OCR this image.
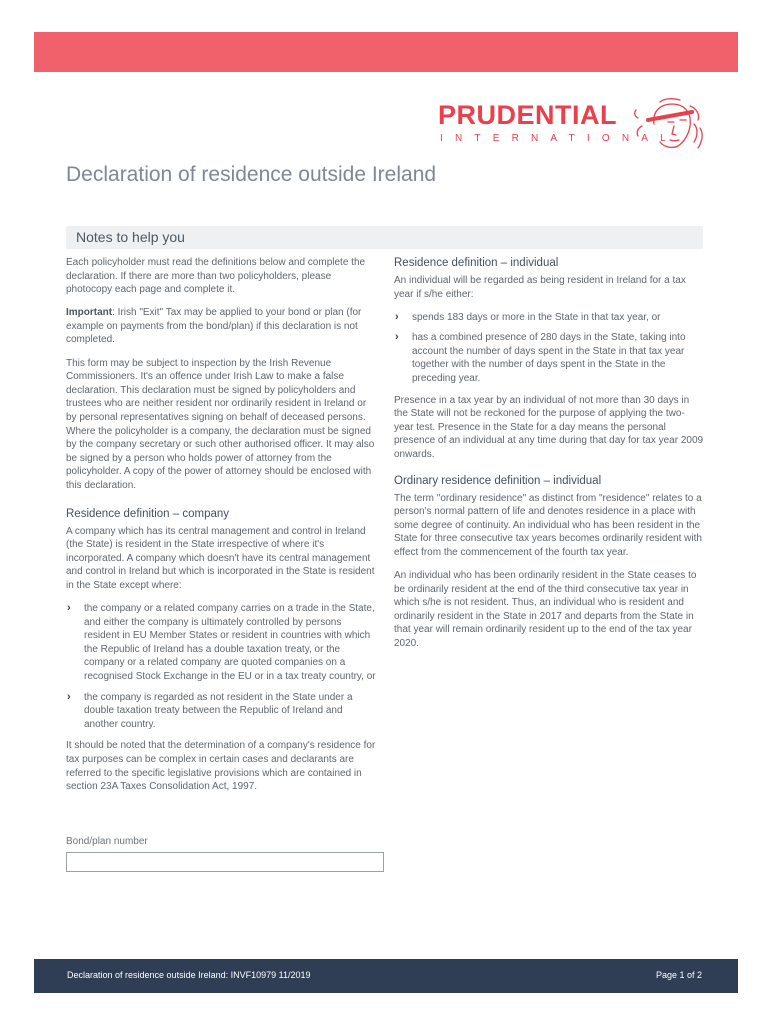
PRUDENTIAL
INTERNATIONAL
Declaration of residence outside Ireland
Notes to help you

Each policyholder must read the definitions below and complete the declaration. If there are more than two policyholders, please photocopy each page and complete it.

Important: Irish "Exit" Tax may be applied to your bond or plan (for example on payments from the bond/plan) if this declaration is not completed.

This form may be subject to inspection by the Irish Revenue Commissioners. It's an offence under Irish Law to make a false declaration. This declaration must be signed by policyholders and trustees who are neither resident nor ordinarily resident in Ireland or by personal representatives signing on behalf of deceased persons. Where the policyholder is a company, the declaration must be signed by the company secretary or such other authorised officer. It may also be signed by a person who holds power of attorney from the policyholder. A copy of the power of attorney should be enclosed with this declaration.

Residence definition – company

A company which has its central management and control in Ireland (the State) is resident in the State irrespective of where it's incorporated. A company which doesn't have its central management and control in Ireland but which is incorporated in the State is resident in the State except where:

› the company or a related company carries on a trade in the State, and either the company is ultimately controlled by persons resident in EU Member States or resident in countries with which the Republic of Ireland has a double taxation treaty, or the company or a related company are quoted companies on a recognised Stock Exchange in the EU or in a tax treaty country, or
› the company is regarded as not resident in the State under a double taxation treaty between the Republic of Ireland and another country.

It should be noted that the determination of a company's residence for tax purposes can be complex in certain cases and declarants are referred to the specific legislative provisions which are contained in section 23A Taxes Consolidation Act, 1997.

Residence definition – individual

An individual will be regarded as being resident in Ireland for a tax year if s/he either:

› spends 183 days or more in the State in that tax year, or
› has a combined presence of 280 days in the State, taking into account the number of days spent in the State in that tax year together with the number of days spent in the State in the preceding year.

Presence in a tax year by an individual of not more than 30 days in the State will not be reckoned for the purpose of applying the two-year test. Presence in the State for a day means the personal presence of an individual at any time during that day for tax year 2009 onwards.

Ordinary residence definition – individual

The term "ordinary residence" as distinct from "residence" relates to a person's normal pattern of life and denotes residence in a place with some degree of continuity. An individual who has been resident in the State for three consecutive tax years becomes ordinarily resident with effect from the commencement of the fourth tax year.

An individual who has been ordinarily resident in the State ceases to be ordinarily resident at the end of the third consecutive tax year in which s/he is not resident. Thus, an individual who is resident and ordinarily resident in the State in 2017 and departs from the State in that year will remain ordinarily resident up to the end of the tax year 2020.

Bond/plan number
Declaration of residence outside Ireland: INVF10979 11/2019	Page 1 of 2
